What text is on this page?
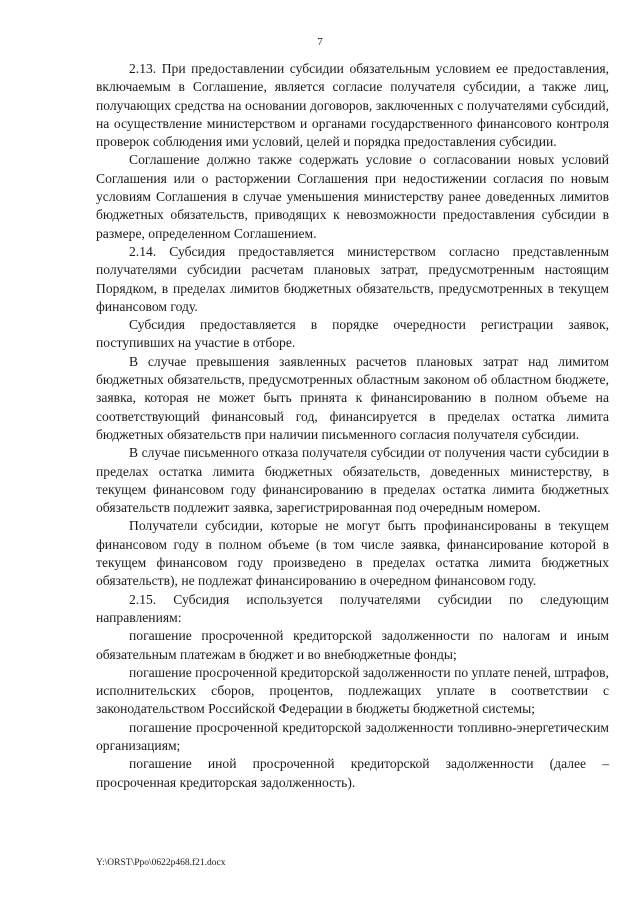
7

2.13. При предоставлении субсидии обязательным условием ее предоставления, включаемым в Соглашение, является согласие получателя субсидии, а также лиц, получающих средства на основании договоров, заключенных с получателями субсидий, на осуществление министерством и органами государственного финансового контроля проверок соблюдения ими условий, целей и порядка предоставления субсидии.

Соглашение должно также содержать условие о согласовании новых условий Соглашения или о расторжении Соглашения при недостижении согласия по новым условиям Соглашения в случае уменьшения министерству ранее доведенных лимитов бюджетных обязательств, приводящих к невозможности предоставления субсидии в размере, определенном Соглашением.

2.14. Субсидия предоставляется министерством согласно представленным получателями субсидии расчетам плановых затрат, предусмотренным настоящим Порядком, в пределах лимитов бюджетных обязательств, предусмотренных в текущем финансовом году.

Субсидия предоставляется в порядке очередности регистрации заявок, поступивших на участие в отборе.

В случае превышения заявленных расчетов плановых затрат над лимитом бюджетных обязательств, предусмотренных областным законом об областном бюджете, заявка, которая не может быть принята к финансированию в полном объеме на соответствующий финансовый год, финансируется в пределах остатка лимита бюджетных обязательств при наличии письменного согласия получателя субсидии.

В случае письменного отказа получателя субсидии от получения части субсидии в пределах остатка лимита бюджетных обязательств, доведенных министерству, в текущем финансовом году финансированию в пределах остатка лимита бюджетных обязательств подлежит заявка, зарегистрированная под очередным номером.

Получатели субсидии, которые не могут быть профинансированы в текущем финансовом году в полном объеме (в том числе заявка, финансирование которой в текущем финансовом году произведено в пределах остатка лимита бюджетных обязательств), не подлежат финансированию в очередном финансовом году.

2.15. Субсидия используется получателями субсидии по следующим направлениям:

погашение просроченной кредиторской задолженности по налогам и иным обязательным платежам в бюджет и во внебюджетные фонды;

погашение просроченной кредиторской задолженности по уплате пеней, штрафов, исполнительских сборов, процентов, подлежащих уплате в соответствии с законодательством Российской Федерации в бюджеты бюджетной системы;

погашение просроченной кредиторской задолженности топливно-энергетическим организациям;

погашение иной просроченной кредиторской задолженности (далее – просроченная кредиторская задолженность).

Y:\ORST\Ppo\0622p468.f21.docx
